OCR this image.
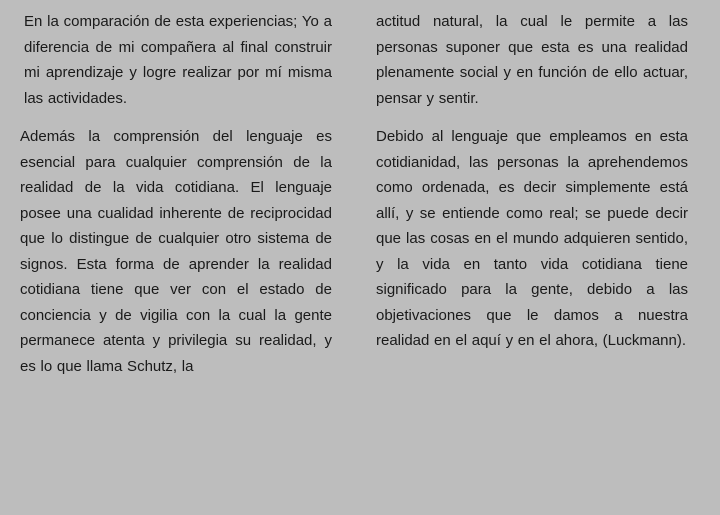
En la comparación de esta experiencias; Yo a diferencia de mi compañera al final construir mi aprendizaje y logre realizar por mí misma las actividades.

Además la comprensión del lenguaje es esencial para cualquier comprensión de la realidad de la vida cotidiana. El lenguaje posee una cualidad inherente de reciprocidad que lo distingue de cualquier otro sistema de signos. Esta forma de aprender la realidad cotidiana tiene que ver con el estado de conciencia y de vigilia con la cual la gente permanece atenta y privilegia su realidad, y es lo que llama Schutz, la

actitud natural, la cual le permite a las personas suponer que esta es una realidad plenamente social y en función de ello actuar, pensar y sentir.

Debido al lenguaje que empleamos en esta cotidianidad, las personas la aprehendemos como ordenada, es decir simplemente está allí, y se entiende como real; se puede decir que las cosas en el mundo adquieren sentido, y la vida en tanto vida cotidiana tiene significado para la gente, debido a las objetivaciones que le damos a nuestra realidad en el aquí y en el ahora, (Luckmann).
